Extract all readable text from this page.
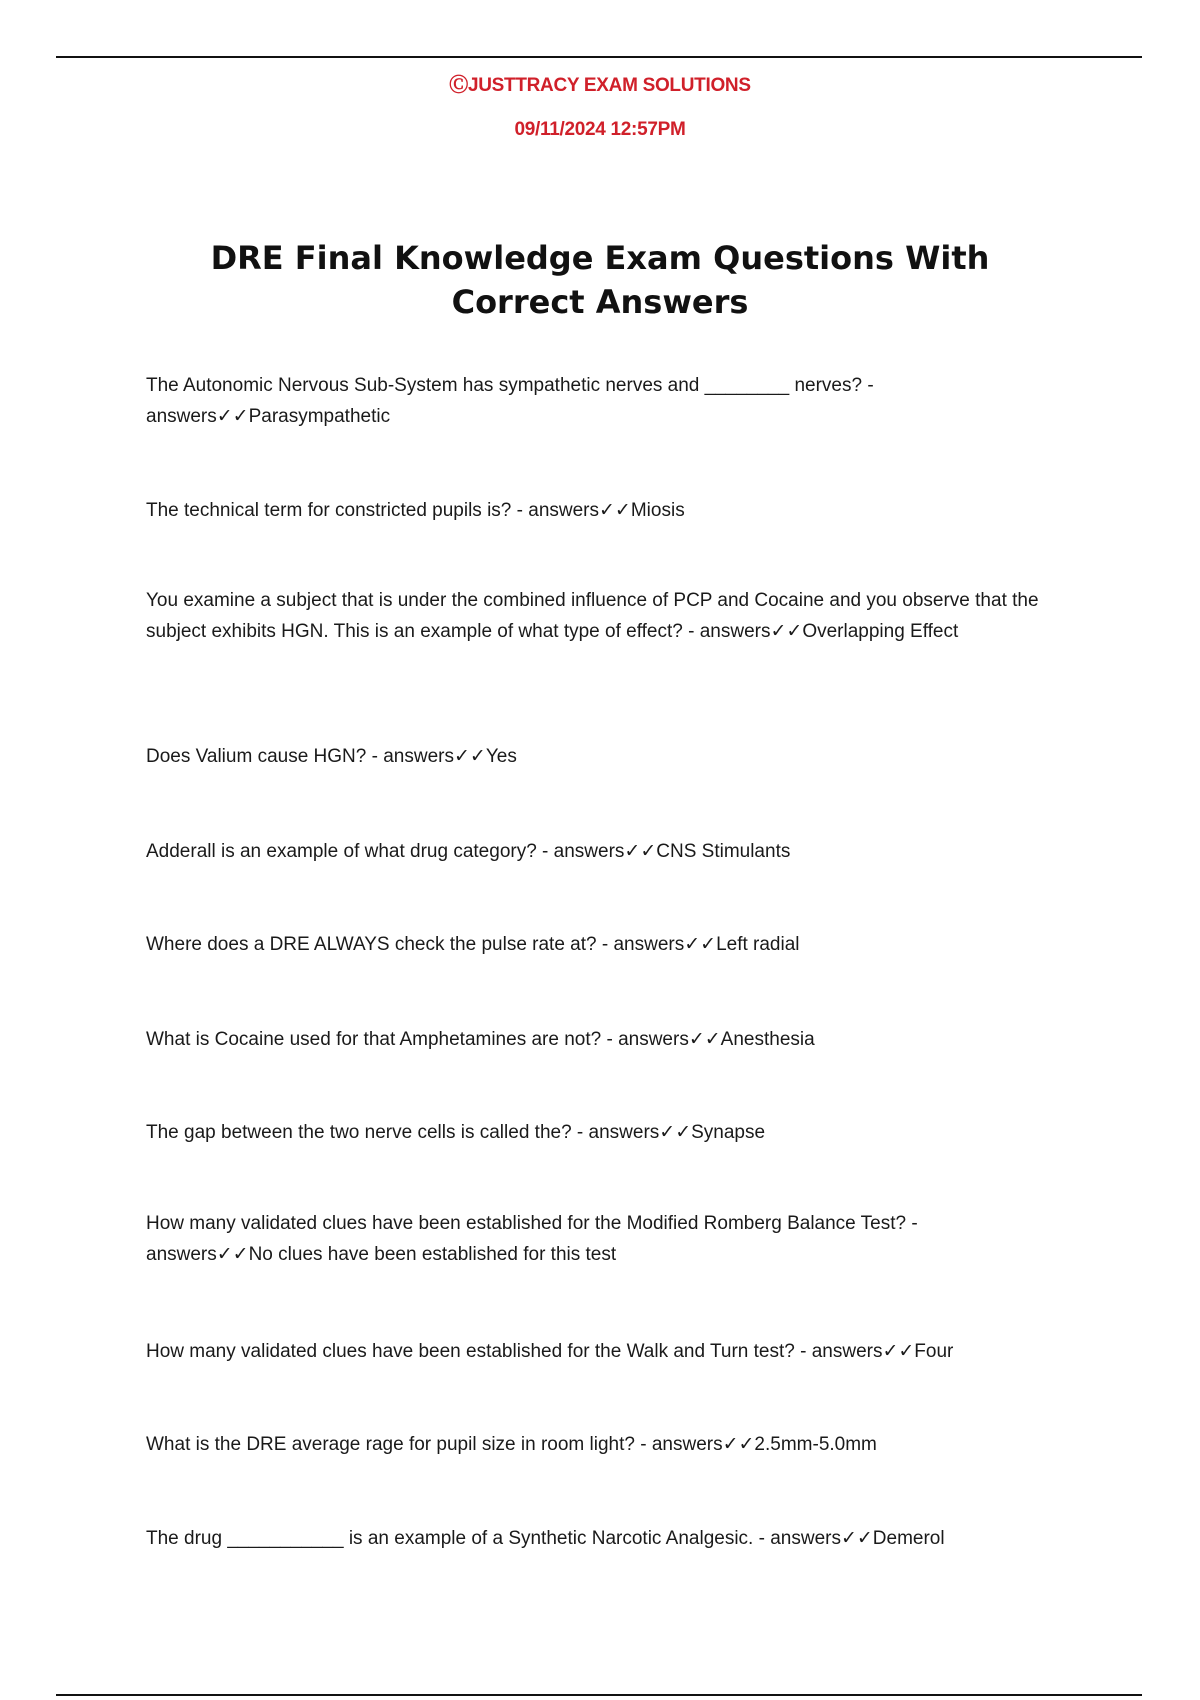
ⒸJUSTTRACY EXAM SOLUTIONS
09/11/2024 12:57PM
DRE Final Knowledge Exam Questions With Correct Answers
The Autonomic Nervous Sub-System has sympathetic nerves and ________ nerves? - answers✓✓Parasympathetic
The technical term for constricted pupils is? - answers✓✓Miosis
You examine a subject that is under the combined influence of PCP and Cocaine and you observe that the subject exhibits HGN. This is an example of what type of effect? - answers✓✓Overlapping Effect
Does Valium cause HGN? - answers✓✓Yes
Adderall is an example of what drug category? - answers✓✓CNS Stimulants
Where does a DRE ALWAYS check the pulse rate at? - answers✓✓Left radial
What is Cocaine used for that Amphetamines are not? - answers✓✓Anesthesia
The gap between the two nerve cells is called the? - answers✓✓Synapse
How many validated clues have been established for the Modified Romberg Balance Test? - answers✓✓No clues have been established for this test
How many validated clues have been established for the Walk and Turn test? - answers✓✓Four
What is the DRE average rage for pupil size in room light? - answers✓✓2.5mm-5.0mm
The drug ___________ is an example of a Synthetic Narcotic Analgesic. - answers✓✓Demerol
